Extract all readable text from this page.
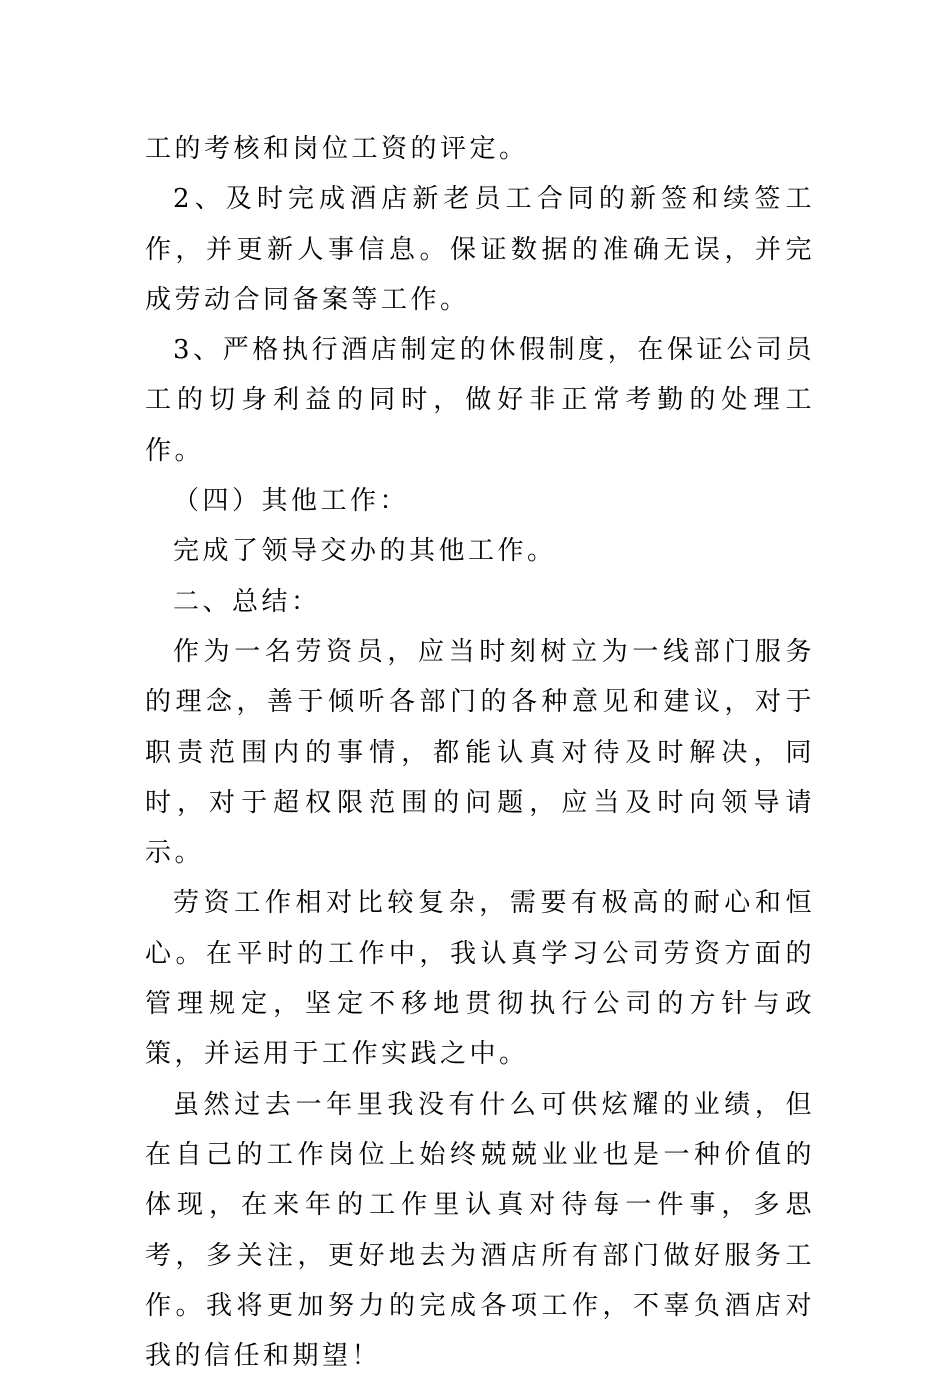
工的考核和岗位工资的评定。

2、及时完成酒店新老员工合同的新签和续签工作，并更新人事信息。保证数据的准确无误，并完成劳动合同备案等工作。

3、严格执行酒店制定的休假制度，在保证公司员工的切身利益的同时，做好非正常考勤的处理工作。

（四）其他工作：

完成了领导交办的其他工作。

二、总结：

作为一名劳资员，应当时刻树立为一线部门服务的理念，善于倾听各部门的各种意见和建议，对于职责范围内的事情，都能认真对待及时解决，同时，对于超权限范围的问题，应当及时向领导请示。

劳资工作相对比较复杂，需要有极高的耐心和恒心。在平时的工作中，我认真学习公司劳资方面的管理规定，坚定不移地贯彻执行公司的方针与政策，并运用于工作实践之中。

虽然过去一年里我没有什么可供炫耀的业绩，但在自己的工作岗位上始终兢兢业业也是一种价值的体现，在来年的工作里认真对待每一件事，多思考，多关注，更好地去为酒店所有部门做好服务工作。我将更加努力的完成各项工作，不辜负酒店对我的信任和期望！
